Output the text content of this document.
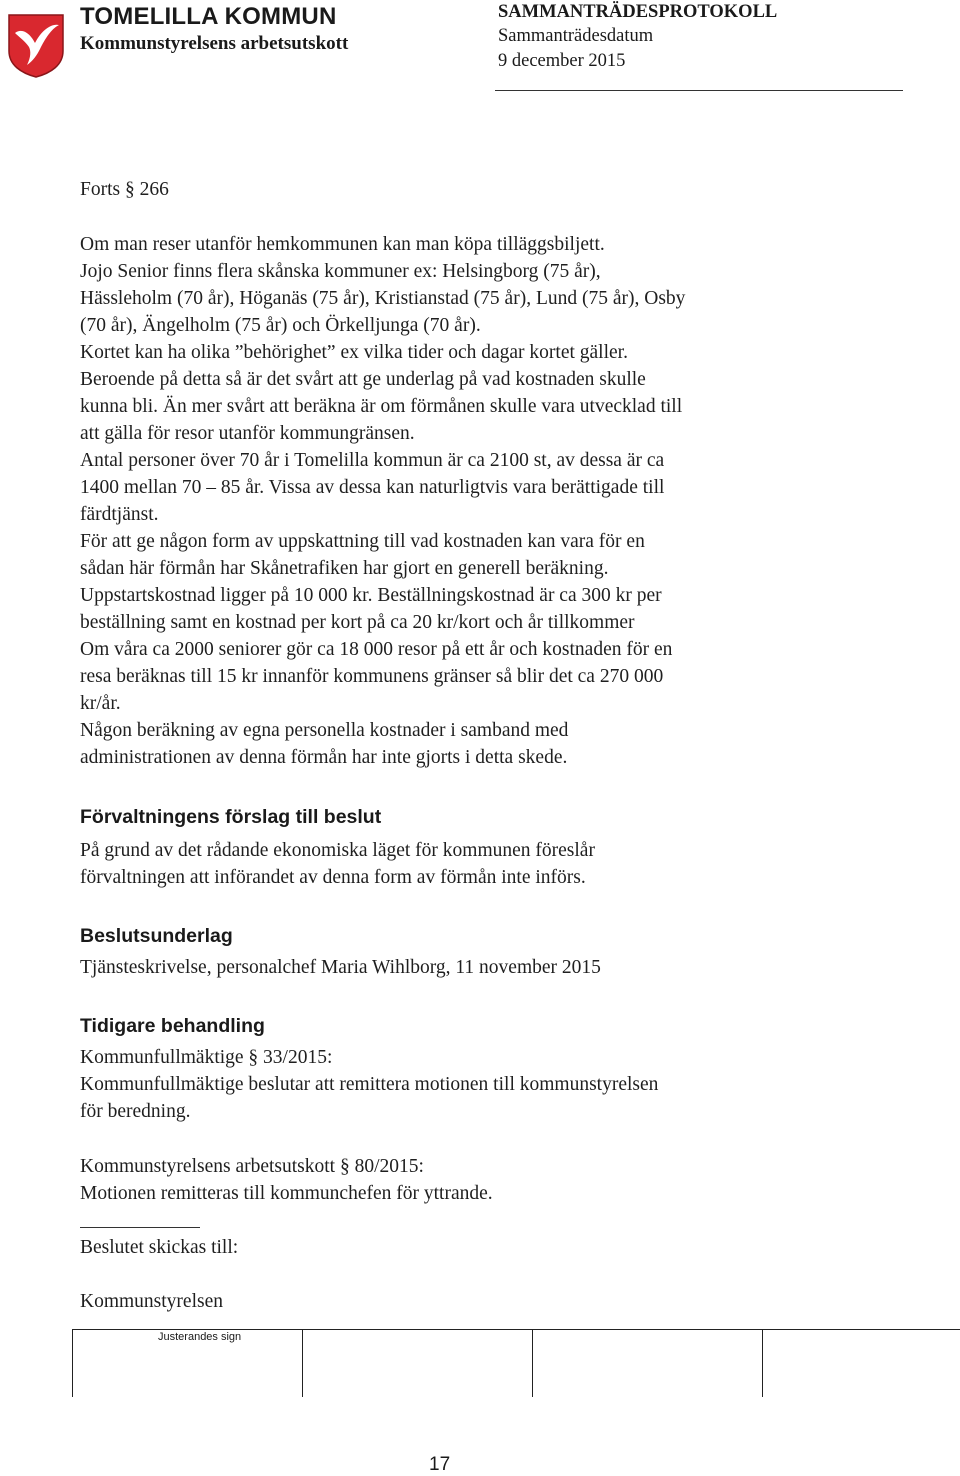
TOMELILLA KOMMUN
Kommunstyrelsens arbetsutskott
SAMMANTRÄDESPROTOKOLL
Sammanträdesdatum
9 december 2015
Forts § 266
Om man reser utanför hemkommunen kan man köpa tilläggsbiljett.
Jojo Senior finns flera skånska kommuner ex: Helsingborg (75 år),
Hässleholm (70 år), Höganäs (75 år), Kristianstad (75 år), Lund (75 år), Osby
(70 år), Ängelholm (75 år) och Örkelljunga (70 år).
Kortet kan ha olika ”behörighet” ex vilka tider och dagar kortet gäller.
Beroende på detta så är det svårt att ge underlag på vad kostnaden skulle
kunna bli. Än mer svårt att beräkna är om förmånen skulle vara utvecklad till
att gälla för resor utanför kommungränsen.
Antal personer över 70 år i Tomelilla kommun är ca 2100 st, av dessa är ca
1400 mellan 70 – 85 år. Vissa av dessa kan naturligtvis vara berättigade till
färdtjänst.
För att ge någon form av uppskattning till vad kostnaden kan vara för en
sådan här förmån har Skånetrafiken har gjort en generell beräkning.
Uppstartskostnad ligger på 10 000 kr. Beställningskostnad är ca 300 kr per
beställning samt en kostnad per kort på ca 20 kr/kort och år tillkommer
Om våra ca 2000 seniorer gör ca 18 000 resor på ett år och kostnaden för en
resa beräknas till 15 kr innanför kommunens gränser så blir det ca 270 000
kr/år.
Någon beräkning av egna personella kostnader i samband med
administrationen av denna förmån har inte gjorts i detta skede.
Förvaltningens förslag till beslut
På grund av det rådande ekonomiska läget för kommunen föreslår
förvaltningen att införandet av denna form av förmån inte införs.
Beslutsunderlag
Tjänsteskrivelse, personalchef Maria Wihlborg, 11 november 2015
Tidigare behandling
Kommunfullmäktige § 33/2015:
Kommunfullmäktige beslutar att remittera motionen till kommunstyrelsen
för beredning.
Kommunstyrelsens arbetsutskott § 80/2015:
Motionen remitteras till kommunchefen för yttrande.
Beslutet skickas till:
Kommunstyrelsen
Justerandes sign
17
